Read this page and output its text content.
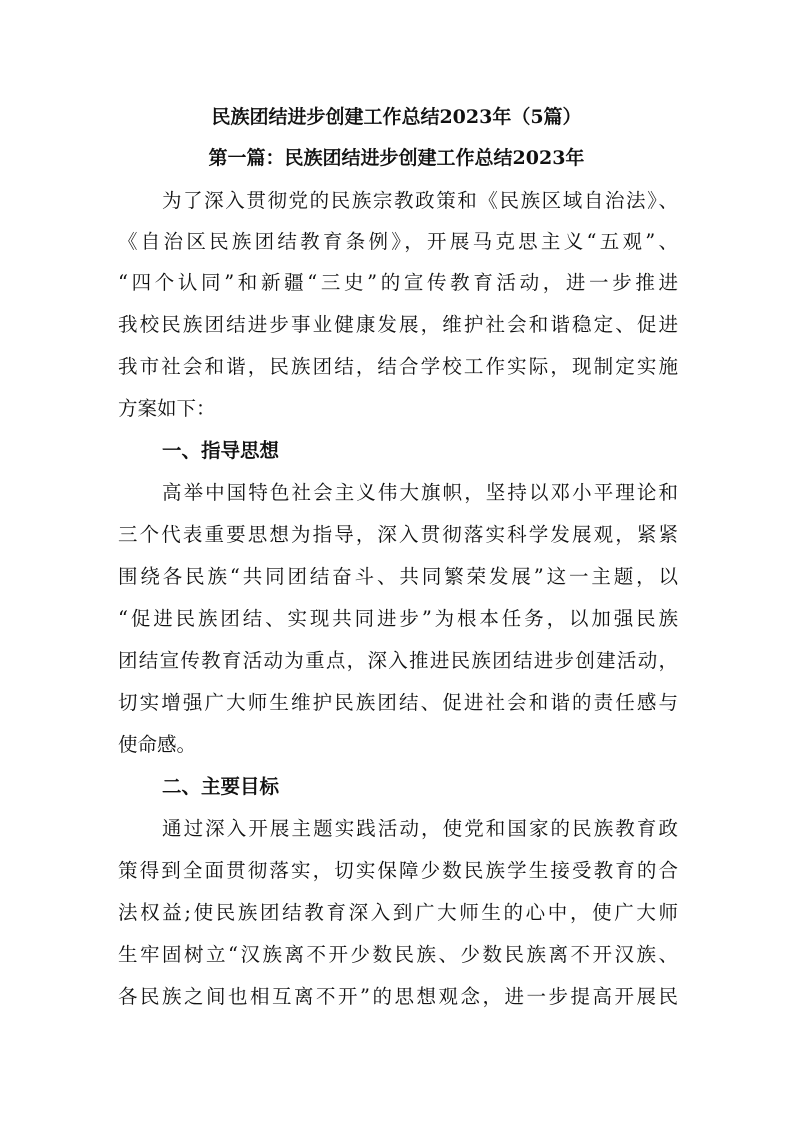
民族团结进步创建工作总结2023年（5篇）
第一篇：民族团结进步创建工作总结2023年
为了深入贯彻党的民族宗教政策和《民族区域自治法》、
《自治区民族团结教育条例》，开展马克思主义“五观”、
“四个认同”和新疆“三史”的宣传教育活动，进一步推进
我校民族团结进步事业健康发展，维护社会和谐稳定、促进
我市社会和谐，民族团结，结合学校工作实际，现制定实施
方案如下：
一、指导思想
高举中国特色社会主义伟大旗帜，坚持以邓小平理论和
三个代表重要思想为指导，深入贯彻落实科学发展观，紧紧
围绕各民族“共同团结奋斗、共同繁荣发展”这一主题，以
“促进民族团结、实现共同进步”为根本任务，以加强民族
团结宣传教育活动为重点，深入推进民族团结进步创建活动，
切实增强广大师生维护民族团结、促进社会和谐的责任感与
使命感。
二、主要目标
通过深入开展主题实践活动，使党和国家的民族教育政
策得到全面贯彻落实，切实保障少数民族学生接受教育的合
法权益;使民族团结教育深入到广大师生的心中，使广大师
生牢固树立“汉族离不开少数民族、少数民族离不开汉族、
各民族之间也相互离不开”的思想观念，进一步提高开展民
